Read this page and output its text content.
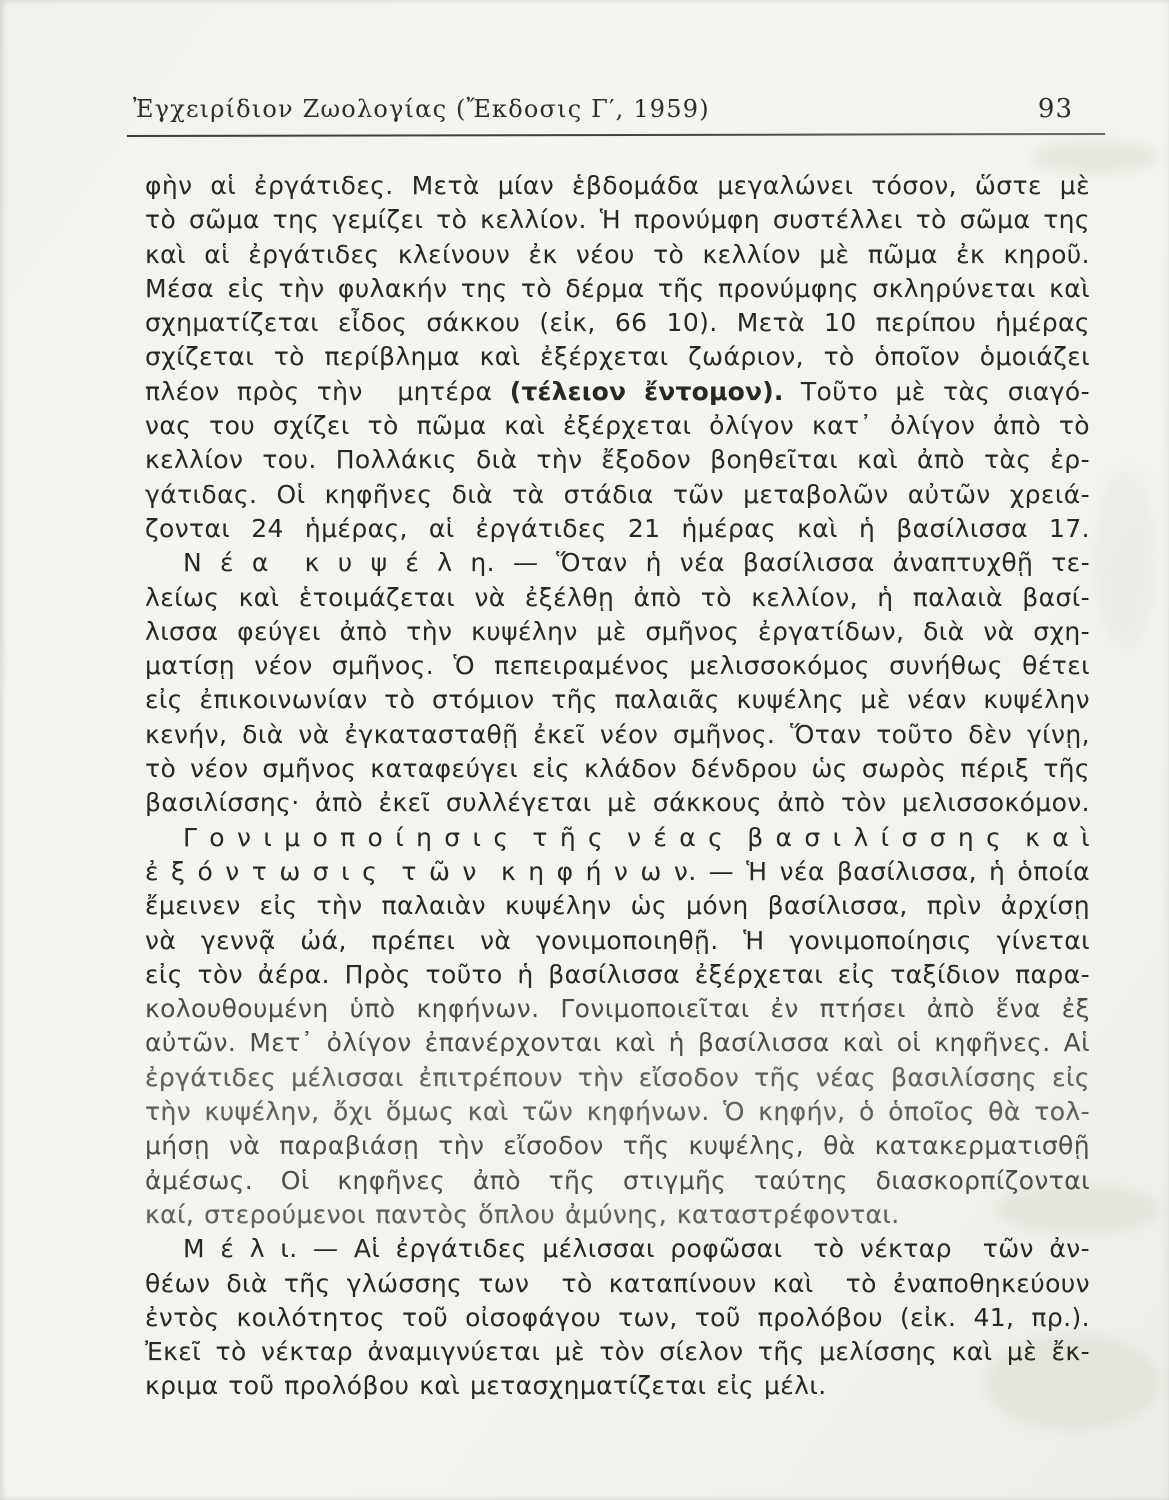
Ἐγχειρίδιον Ζωολογίας (Ἔκδοσις Γ′, 1959)	93
φὴν αἱ ἐργάτιδες. Μετὰ μίαν ἑβδομάδα μεγαλώνει τόσον, ὥστε μὲ
τὸ σῶμα της γεμίζει τὸ κελλίον. Ἡ προνύμφη συστέλλει τὸ σῶμα της
καὶ αἱ ἐργάτιδες κλείνουν ἐκ νέου τὸ κελλίον μὲ πῶμα ἐκ κηροῦ.
Μέσα εἰς τὴν φυλακήν της τὸ δέρμα τῆς προνύμφης σκληρύνεται καὶ
σχηματίζεται εἶδος σάκκου (εἰκ, 66 10). Μετὰ 10 περίπου ἡμέρας
σχίζεται τὸ περίβλημα καὶ ἐξέρχεται ζωάριον, τὸ ὁποῖον ὁμοιάζει
πλέον πρὸς τὴν  μητέρα (τέλειον ἔντομον). Τοῦτο μὲ τὰς σιαγό-
νας του σχίζει τὸ πῶμα καὶ ἐξέρχεται ὀλίγον κατ᾽ ὀλίγον ἀπὸ τὸ
κελλίον του. Πολλάκις διὰ τὴν ἔξοδον βοηθεῖται καὶ ἀπὸ τὰς ἐρ-
γάτιδας. Οἱ κηφῆνες διὰ τὰ στάδια τῶν μεταβολῶν αὐτῶν χρειά-
ζονται 24 ἡμέρας, αἱ ἐργάτιδες 21 ἡμέρας καὶ ἡ βασίλισσα 17.
Ν έ α  κ υ ψ έ λ η. — Ὅταν ἡ νέα βασίλισσα ἀναπτυχθῇ τε-
λείως καὶ ἑτοιμάζεται νὰ ἐξέλθῃ ἀπὸ τὸ κελλίον, ἡ παλαιὰ βασί-
λισσα φεύγει ἀπὸ τὴν κυψέλην μὲ σμῆνος ἐργατίδων, διὰ νὰ σχη-
ματίσῃ νέον σμῆνος. Ὁ πεπειραμένος μελισσοκόμος συνήθως θέτει
εἰς ἐπικοινωνίαν τὸ στόμιον τῆς παλαιᾶς κυψέλης μὲ νέαν κυψέλην
κενήν, διὰ νὰ ἐγκατασταθῇ ἐκεῖ νέον σμῆνος. Ὅταν τοῦτο δὲν γίνῃ,
τὸ νέον σμῆνος καταφεύγει εἰς κλάδον δένδρου ὡς σωρὸς πέριξ τῆς
βασιλίσσης· ἀπὸ ἐκεῖ συλλέγεται μὲ σάκκους ἀπὸ τὸν μελισσοκόμον.
Γ ο ν ι μ ο π ο ί η σ ι ς  τ ῆ ς  ν έ α ς  β α σ ι λ ί σ σ η ς  κ α ὶ
ἐ ξ ό ν τ ω σ ι ς  τ ῶ ν  κ η φ ή ν ω ν. — Ἡ νέα βασίλισσα, ἡ ὁποία
ἔμεινεν εἰς τὴν παλαιὰν κυψέλην ὡς μόνη βασίλισσα, πρὶν ἀρχίσῃ
νὰ γεννᾷ ὠά, πρέπει νὰ γονιμοποιηθῇ. Ἡ γονιμοποίησις γίνεται
εἰς τὸν ἀέρα. Πρὸς τοῦτο ἡ βασίλισσα ἐξέρχεται εἰς ταξίδιον παρα-
κολουθουμένη ὑπὸ κηφήνων. Γονιμοποιεῖται ἐν πτήσει ἀπὸ ἕνα ἐξ
αὐτῶν. Μετ᾽ ὀλίγον ἐπανέρχονται καὶ ἡ βασίλισσα καὶ οἱ κηφῆνες. Αἱ
ἐργάτιδες μέλισσαι ἐπιτρέπουν τὴν εἴσοδον τῆς νέας βασιλίσσης εἰς
τὴν κυψέλην, ὄχι ὅμως καὶ τῶν κηφήνων. Ὁ κηφήν, ὁ ὁποῖος θὰ τολ-
μήσῃ νὰ παραβιάσῃ τὴν εἴσοδον τῆς κυψέλης, θὰ κατακερματισθῇ
ἀμέσως. Οἱ κηφῆνες ἀπὸ τῆς στιγμῆς ταύτης διασκορπίζονται
καί, στερούμενοι παντὸς ὅπλου ἀμύνης, καταστρέφονται.
Μ έ λ ι. — Αἱ ἐργάτιδες μέλισσαι ροφῶσαι  τὸ νέκταρ  τῶν ἀν-
θέων διὰ τῆς γλώσσης των  τὸ καταπίνουν καὶ  τὸ ἐναποθηκεύουν
ἐντὸς κοιλότητος τοῦ οἰσοφάγου των, τοῦ προλόβου (εἰκ. 41, πρ.).
Ἐκεῖ τὸ νέκταρ ἀναμιγνύεται μὲ τὸν σίελον τῆς μελίσσης καὶ μὲ ἔκ-
κριμα τοῦ προλόβου καὶ μετασχηματίζεται εἰς μέλι.
